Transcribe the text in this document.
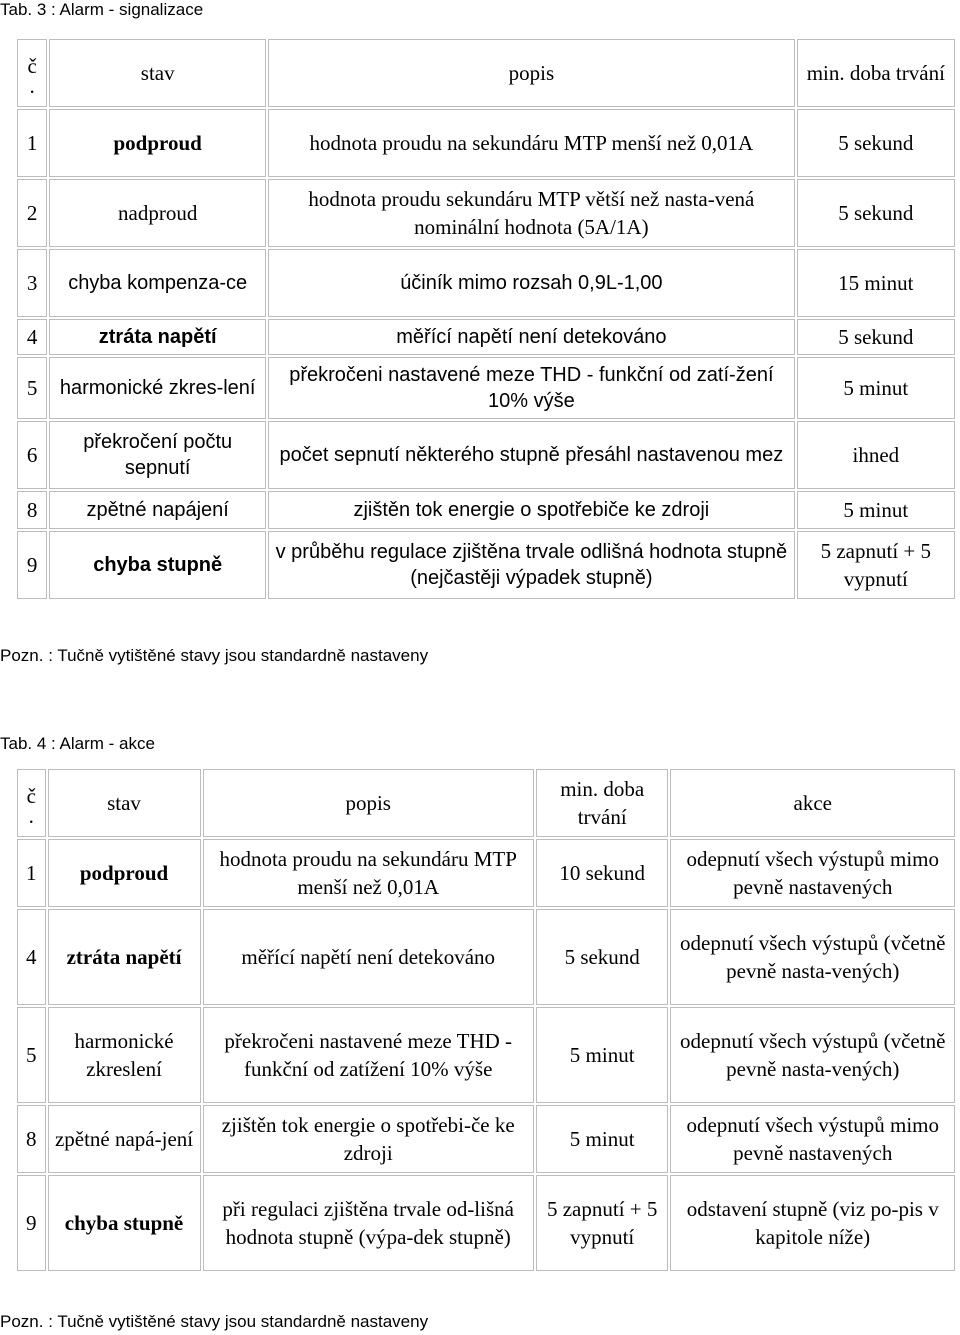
Tab. 3 : Alarm - signalizace
č
.	stav	popis	min. doba trvání
1	podproud	hodnota proudu na sekundáru MTP menší než 0,01A	5 sekund
2	nadproud	hodnota proudu sekundáru MTP větší než nasta-vená nominální hodnota (5A/1A)	5 sekund
3	chyba kompenza-ce	účiník mimo rozsah 0,9L-1,00	15 minut
4	ztráta napětí	měřící napětí není detekováno	5 sekund
5	harmonické zkres-lení	překročeni nastavené meze THD - funkční od zatí-žení 10% výše	5 minut
6	překročení počtu sepnutí	počet sepnutí některého stupně přesáhl nastavenou mez	ihned
8	zpětné napájení	zjištěn tok energie o spotřebiče ke zdroji	5 minut
9	chyba stupně	v průběhu regulace zjištěna trvale odlišná hodnota stupně (nejčastěji výpadek stupně)	5 zapnutí + 5 vypnutí
Pozn. : Tučně vytištěné stavy jsou standardně nastaveny
Tab. 4 : Alarm - akce
č
.	stav	popis	min. doba trvání	akce
1	podproud	hodnota proudu na sekundáru MTP menší než 0,01A	10 sekund	odepnutí všech výstupů mimo pevně nastavených
4	ztráta napětí	měřící napětí není detekováno	5 sekund	odepnutí všech výstupů (včetně pevně nasta-vených)
5	harmonické zkreslení	překročeni nastavené meze THD - funkční od zatížení 10% výše	5 minut	odepnutí všech výstupů (včetně pevně nasta-vených)
8	zpětné napá-jení	zjištěn tok energie o spotřebi-če ke zdroji	5 minut	odepnutí všech výstupů mimo pevně nastavených
9	chyba stupně	při regulaci zjištěna trvale od-lišná hodnota stupně (výpa-dek stupně)	5 zapnutí + 5 vypnutí	odstavení stupně (viz po-pis v kapitole níže)
Pozn. : Tučně vytištěné stavy jsou standardně nastaveny
